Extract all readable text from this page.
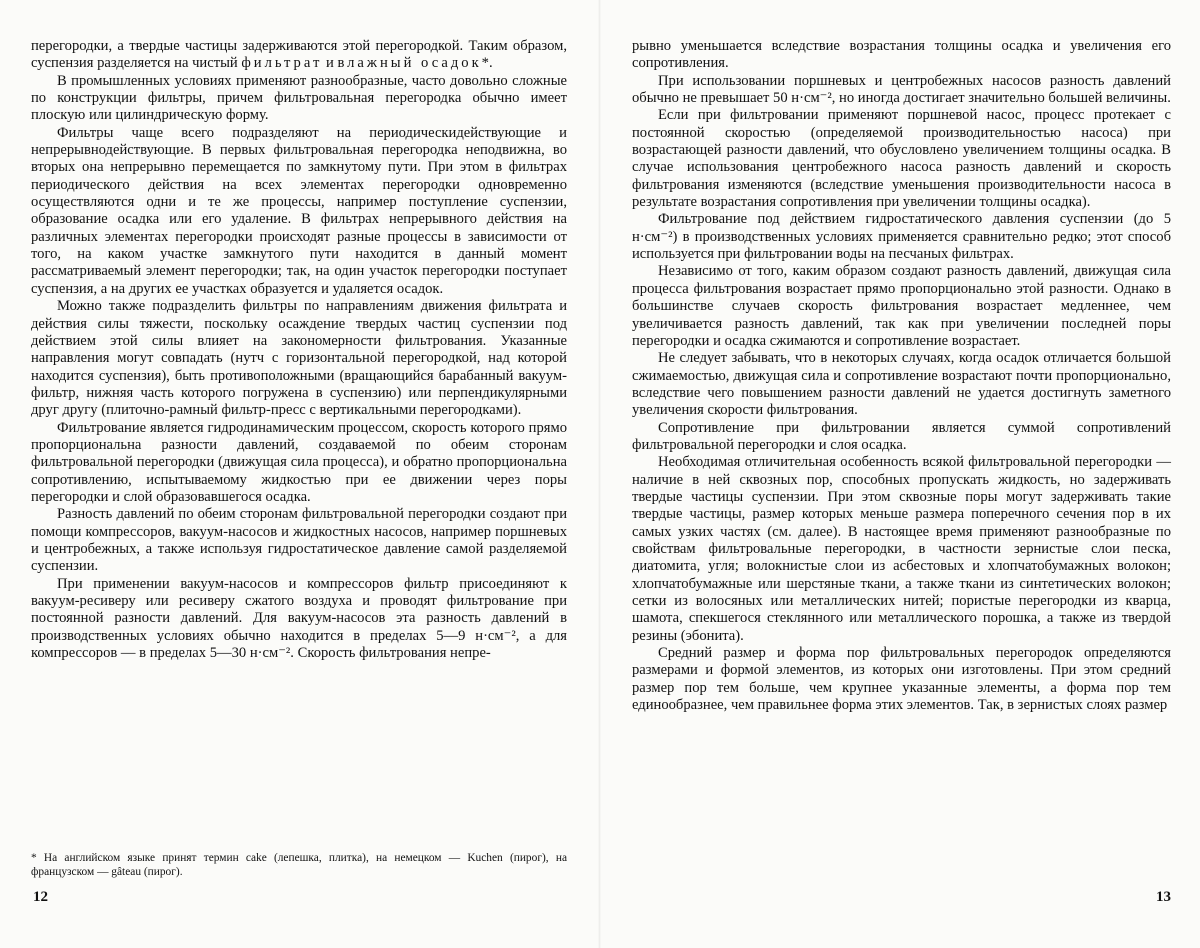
перегородки, а твердые частицы задерживаются этой перегородкой. Таким образом, суспензия разделяется на чистый фильтрат и влажный осадок*.

В промышленных условиях применяют разнообразные, часто довольно сложные по конструкции фильтры, причем фильтровальная перегородка обычно имеет плоскую или цилиндрическую форму.

Фильтры чаще всего подразделяют на периодическидействующие и непрерывнодействующие. В первых фильтровальная перегородка неподвижна, во вторых она непрерывно перемещается по замкнутому пути. При этом в фильтрах периодического действия на всех элементах перегородки одновременно осуществляются одни и те же процессы, например поступление суспензии, образование осадка или его удаление. В фильтрах непрерывного действия на различных элементах перегородки происходят разные процессы в зависимости от того, на каком участке замкнутого пути находится в данный момент рассматриваемый элемент перегородки; так, на один участок перегородки поступает суспензия, а на других ее участках образуется и удаляется осадок.

Можно также подразделить фильтры по направлениям движения фильтрата и действия силы тяжести, поскольку осаждение твердых частиц суспензии под действием этой силы влияет на закономерности фильтрования. Указанные направления могут совпадать (нутч с горизонтальной перегородкой, над которой находится суспензия), быть противоположными (вращающийся барабанный вакуум-фильтр, нижняя часть которого погружена в суспензию) или перпендикулярными друг другу (плиточно-рамный фильтр-пресс с вертикальными перегородками).

Фильтрование является гидродинамическим процессом, скорость которого прямо пропорциональна разности давлений, создаваемой по обеим сторонам фильтровальной перегородки (движущая сила процесса), и обратно пропорциональна сопротивлению, испытываемому жидкостью при ее движении через поры перегородки и слой образовавшегося осадка.

Разность давлений по обеим сторонам фильтровальной перегородки создают при помощи компрессоров, вакуум-насосов и жидкостных насосов, например поршневых и центробежных, а также используя гидростатическое давление самой разделяемой суспензии.

При применении вакуум-насосов и компрессоров фильтр присоединяют к вакуум-ресиверу или ресиверу сжатого воздуха и проводят фильтрование при постоянной разности давлений. Для вакуум-насосов эта разность давлений в производственных условиях обычно находится в пределах 5—9 н·см⁻², а для компрессоров — в пределах 5—30 н·см⁻². Скорость фильтрования непре-

* На английском языке принят термин cake (лепешка, плитка), на немецком — Kuchen (пирог), на французском — gâteau (пирог).
12

рывно уменьшается вследствие возрастания толщины осадка и увеличения его сопротивления.

При использовании поршневых и центробежных насосов разность давлений обычно не превышает 50 н·см⁻², но иногда достигает значительно большей величины.

Если при фильтровании применяют поршневой насос, процесс протекает с постоянной скоростью (определяемой производительностью насоса) при возрастающей разности давлений, что обусловлено увеличением толщины осадка. В случае использования центробежного насоса разность давлений и скорость фильтрования изменяются (вследствие уменьшения производительности насоса в результате возрастания сопротивления при увеличении толщины осадка).

Фильтрование под действием гидростатического давления суспензии (до 5 н·см⁻²) в производственных условиях применяется сравнительно редко; этот способ используется при фильтровании воды на песчаных фильтрах.

Независимо от того, каким образом создают разность давлений, движущая сила процесса фильтрования возрастает прямо пропорционально этой разности. Однако в большинстве случаев скорость фильтрования возрастает медленнее, чем увеличивается разность давлений, так как при увеличении последней поры перегородки и осадка сжимаются и сопротивление возрастает.

Не следует забывать, что в некоторых случаях, когда осадок отличается большой сжимаемостью, движущая сила и сопротивление возрастают почти пропорционально, вследствие чего повышением разности давлений не удается достигнуть заметного увеличения скорости фильтрования.

Сопротивление при фильтровании является суммой сопротивлений фильтровальной перегородки и слоя осадка.

Необходимая отличительная особенность всякой фильтровальной перегородки — наличие в ней сквозных пор, способных пропускать жидкость, но задерживать твердые частицы суспензии. При этом сквозные поры могут задерживать такие твердые частицы, размер которых меньше размера поперечного сечения пор в их самых узких частях (см. далее). В настоящее время применяют разнообразные по свойствам фильтровальные перегородки, в частности зернистые слои песка, диатомита, угля; волокнистые слои из асбестовых и хлопчатобумажных волокон; хлопчатобумажные или шерстяные ткани, а также ткани из синтетических волокон; сетки из волосяных или металлических нитей; пористые перегородки из кварца, шамота, спекшегося стеклянного или металлического порошка, а также из твердой резины (эбонита).

Средний размер и форма пор фильтровальных перегородок определяются размерами и формой элементов, из которых они изготовлены. При этом средний размер пор тем больше, чем крупнее указанные элементы, а форма пор тем единообразнее, чем правильнее форма этих элементов. Так, в зернистых слоях размер

13
